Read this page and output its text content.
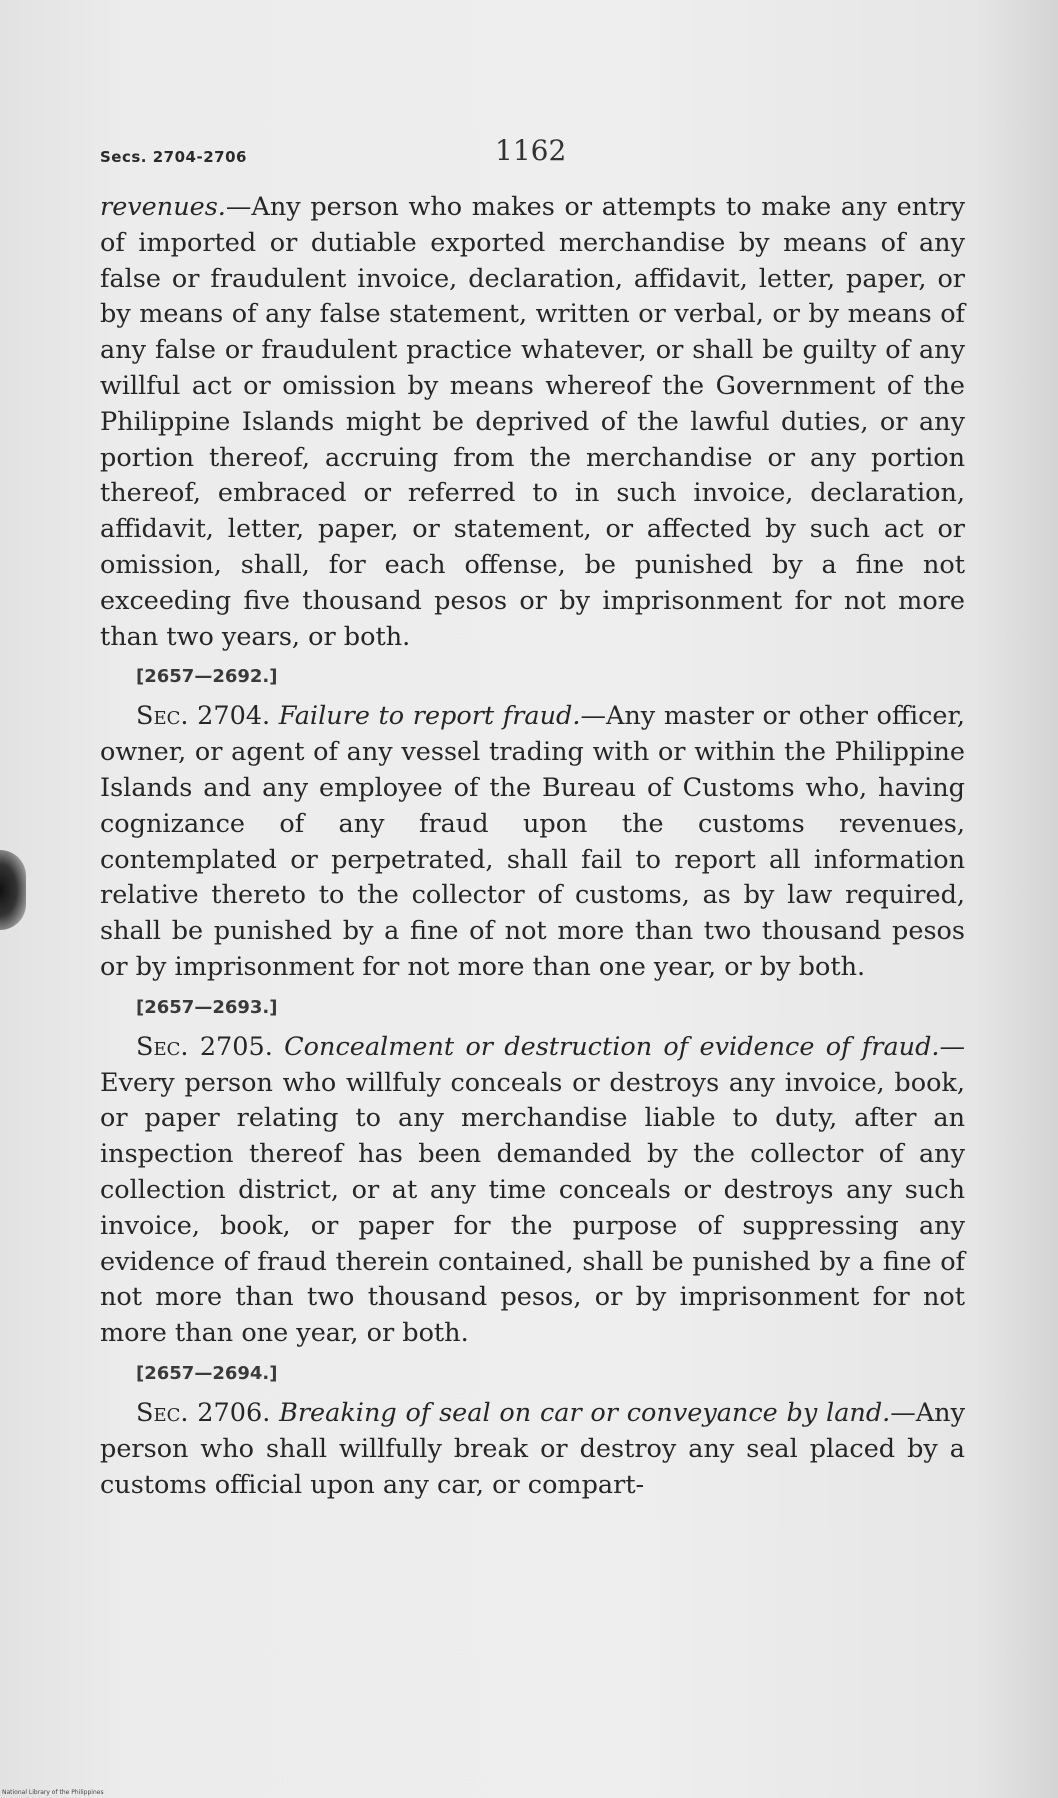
Secs. 2704-2706	1162

revenues.—Any person who makes or attempts to make any entry of imported or dutiable exported merchandise by means of any false or fraudulent invoice, declaration, affidavit, letter, paper, or by means of any false statement, written or verbal, or by means of any false or fraudulent practice whatever, or shall be guilty of any willful act or omission by means whereof the Government of the Philippine Islands might be deprived of the lawful duties, or any portion thereof, accruing from the merchandise or any portion thereof, embraced or referred to in such invoice, declaration, affidavit, letter, paper, or statement, or affected by such act or omission, shall, for each offense, be punished by a fine not exceeding five thousand pesos or by imprisonment for not more than two years, or both.

[2657—2692.]

Sec. 2704. Failure to report fraud.—Any master or other officer, owner, or agent of any vessel trading with or within the Philippine Islands and any employee of the Bureau of Customs who, having cognizance of any fraud upon the customs revenues, contemplated or perpetrated, shall fail to report all information relative thereto to the collector of customs, as by law required, shall be punished by a fine of not more than two thousand pesos or by imprisonment for not more than one year, or by both.

[2657—2693.]

Sec. 2705. Concealment or destruction of evidence of fraud.—Every person who willfuly conceals or destroys any invoice, book, or paper relating to any merchandise liable to duty, after an inspection thereof has been demanded by the collector of any collection district, or at any time conceals or destroys any such invoice, book, or paper for the purpose of suppressing any evidence of fraud therein contained, shall be punished by a fine of not more than two thousand pesos, or by imprisonment for not more than one year, or both.

[2657—2694.]

Sec. 2706. Breaking of seal on car or conveyance by land.—Any person who shall willfully break or destroy any seal placed by a customs official upon any car, or compart-

National Library of the Philippines
